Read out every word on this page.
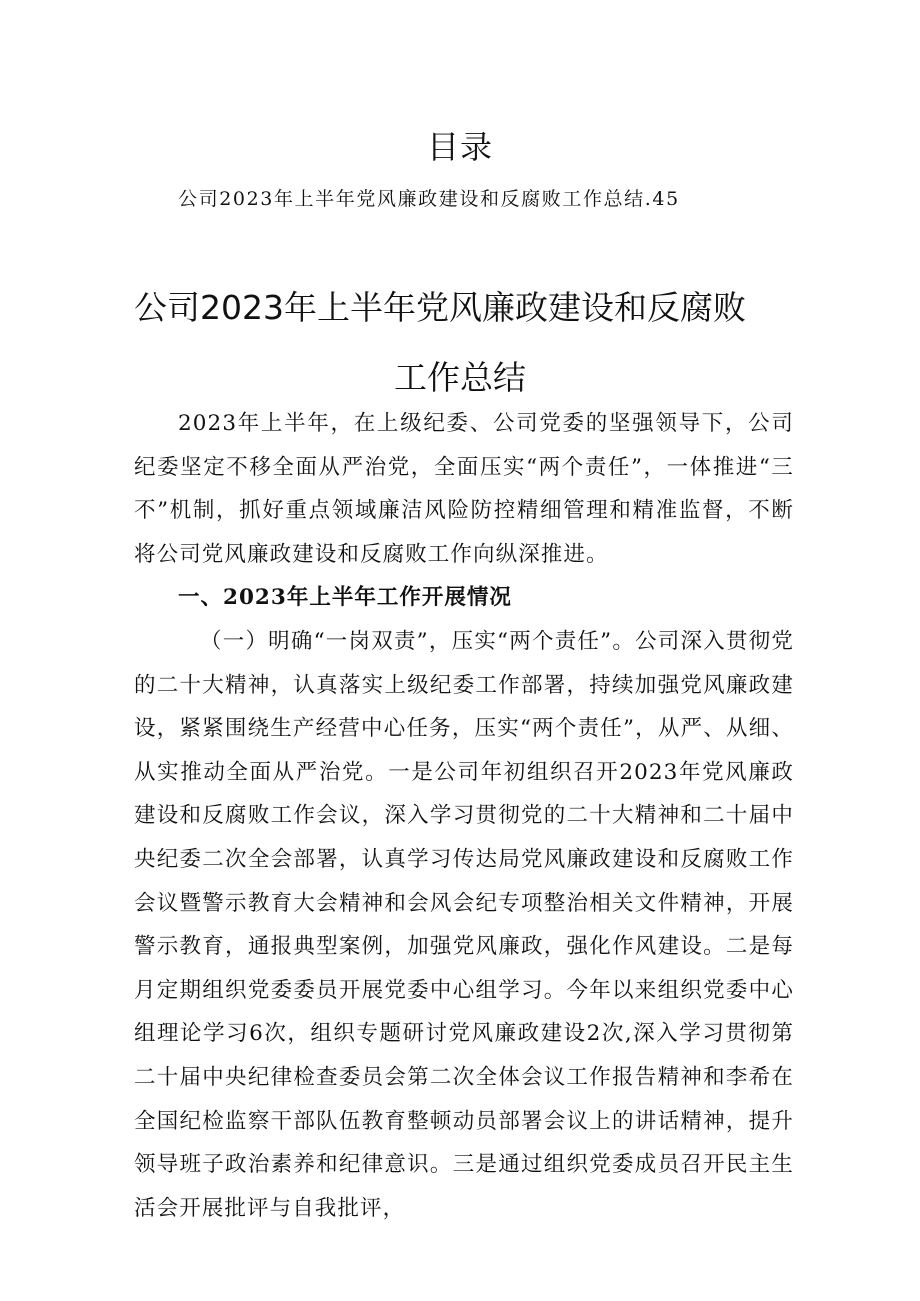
目录

公司2023年上半年党风廉政建设和反腐败工作总结.45

公司2023年上半年党风廉政建设和反腐败
工作总结

2023年上半年，在上级纪委、公司党委的坚强领导下，公司纪委坚定不移全面从严治党，全面压实“两个责任”，一体推进“三不”机制，抓好重点领域廉洁风险防控精细管理和精准监督，不断将公司党风廉政建设和反腐败工作向纵深推进。

一、2023年上半年工作开展情况

（一）明确“一岗双责”，压实“两个责任”。公司深入贯彻党的二十大精神，认真落实上级纪委工作部署，持续加强党风廉政建设，紧紧围绕生产经营中心任务，压实“两个责任”，从严、从细、从实推动全面从严治党。一是公司年初组织召开2023年党风廉政建设和反腐败工作会议，深入学习贯彻党的二十大精神和二十届中央纪委二次全会部署，认真学习传达局党风廉政建设和反腐败工作会议暨警示教育大会精神和会风会纪专项整治相关文件精神，开展警示教育，通报典型案例，加强党风廉政，强化作风建设。二是每月定期组织党委委员开展党委中心组学习。今年以来组织党委中心组理论学习6次，组织专题研讨党风廉政建设2次,深入学习贯彻第二十届中央纪律检查委员会第二次全体会议工作报告精神和李希在全国纪检监察干部队伍教育整顿动员部署会议上的讲话精神，提升领导班子政治素养和纪律意识。三是通过组织党委成员召开民主生活会开展批评与自我批评，
